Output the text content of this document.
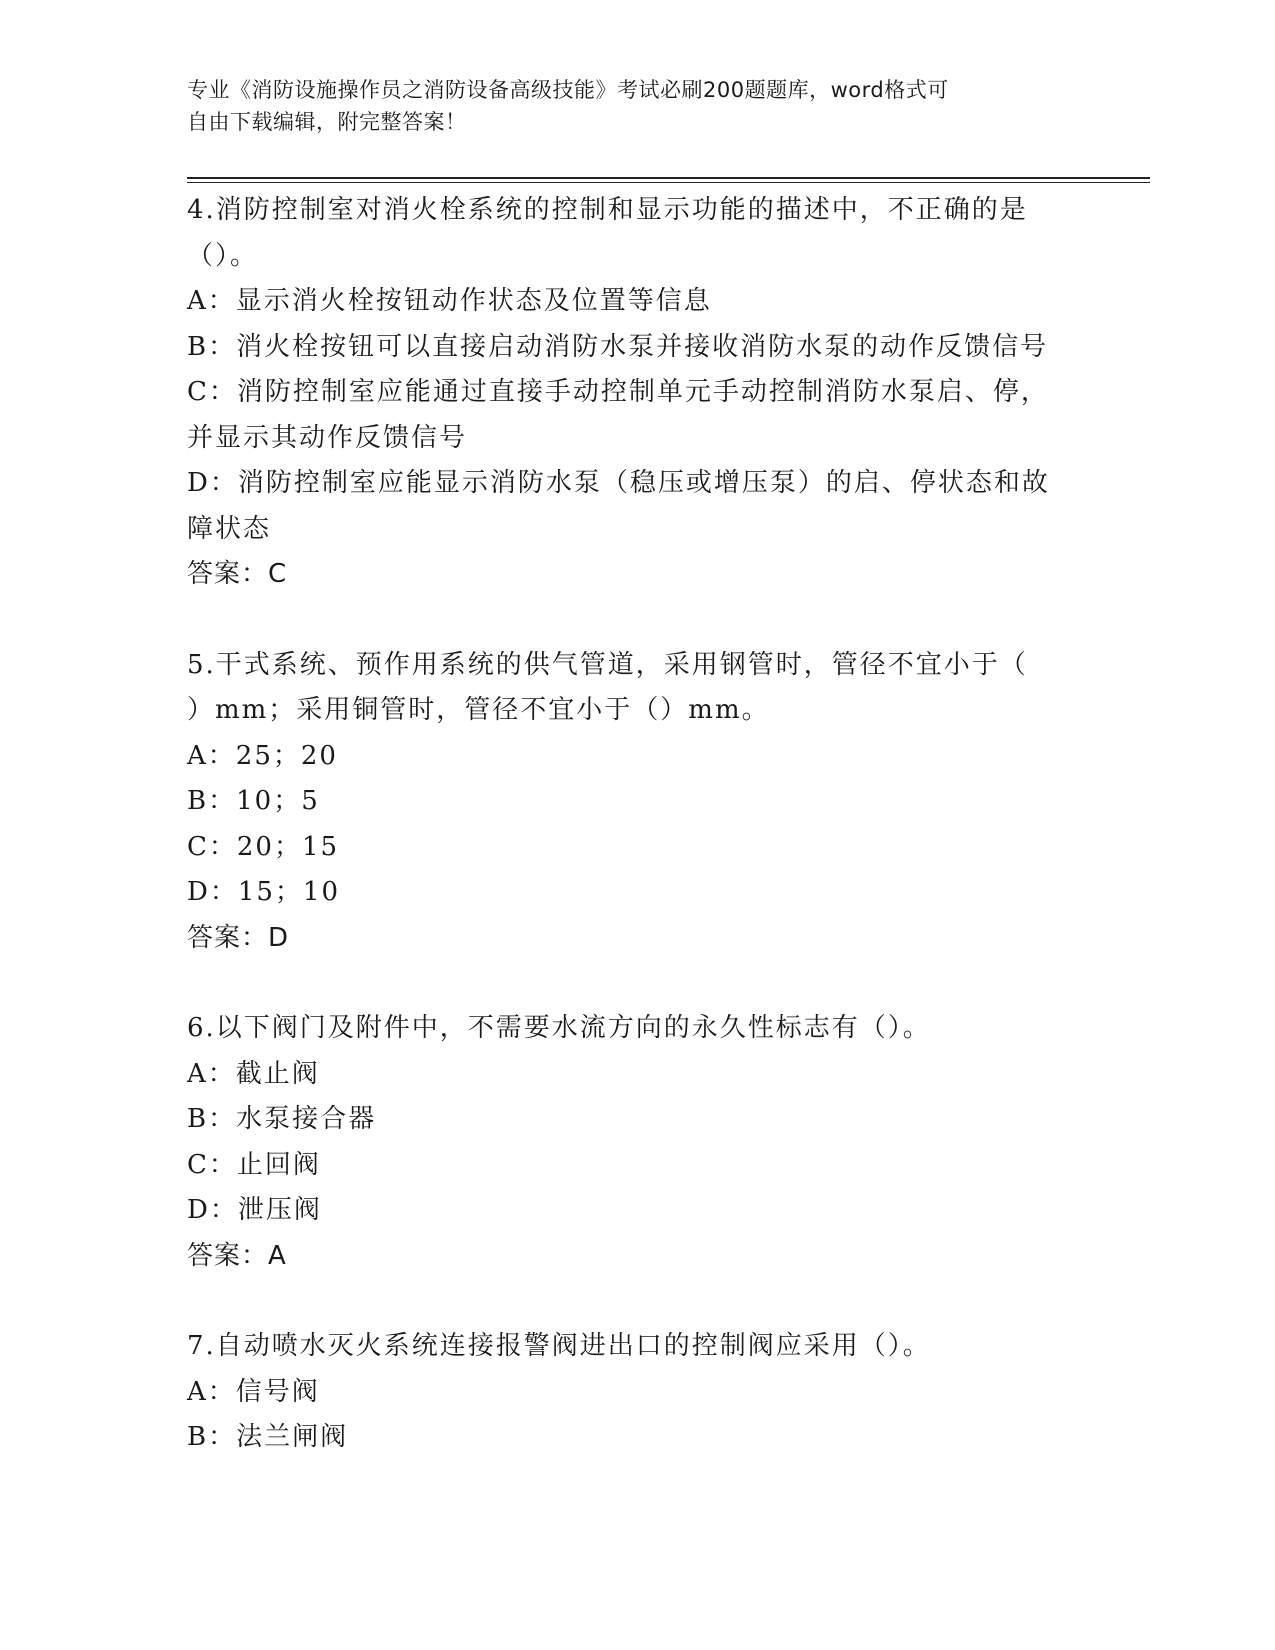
专业《消防设施操作员之消防设备高级技能》考试必刷200题题库，word格式可
自由下载编辑，附完整答案！
4.消防控制室对消火栓系统的控制和显示功能的描述中，不正确的是
（）。
A：显示消火栓按钮动作状态及位置等信息
B：消火栓按钮可以直接启动消防水泵并接收消防水泵的动作反馈信号
C：消防控制室应能通过直接手动控制单元手动控制消防水泵启、停，
并显示其动作反馈信号
D：消防控制室应能显示消防水泵（稳压或增压泵）的启、停状态和故
障状态
答案：C
5.干式系统、预作用系统的供气管道，采用钢管时，管径不宜小于（
）mm；采用铜管时，管径不宜小于（）mm。
A：25；20
B：10；5
C：20；15
D：15；10
答案：D
6.以下阀门及附件中，不需要水流方向的永久性标志有（）。
A：截止阀
B：水泵接合器
C：止回阀
D：泄压阀
答案：A
7.自动喷水灭火系统连接报警阀进出口的控制阀应采用（）。
A：信号阀
B：法兰闸阀
